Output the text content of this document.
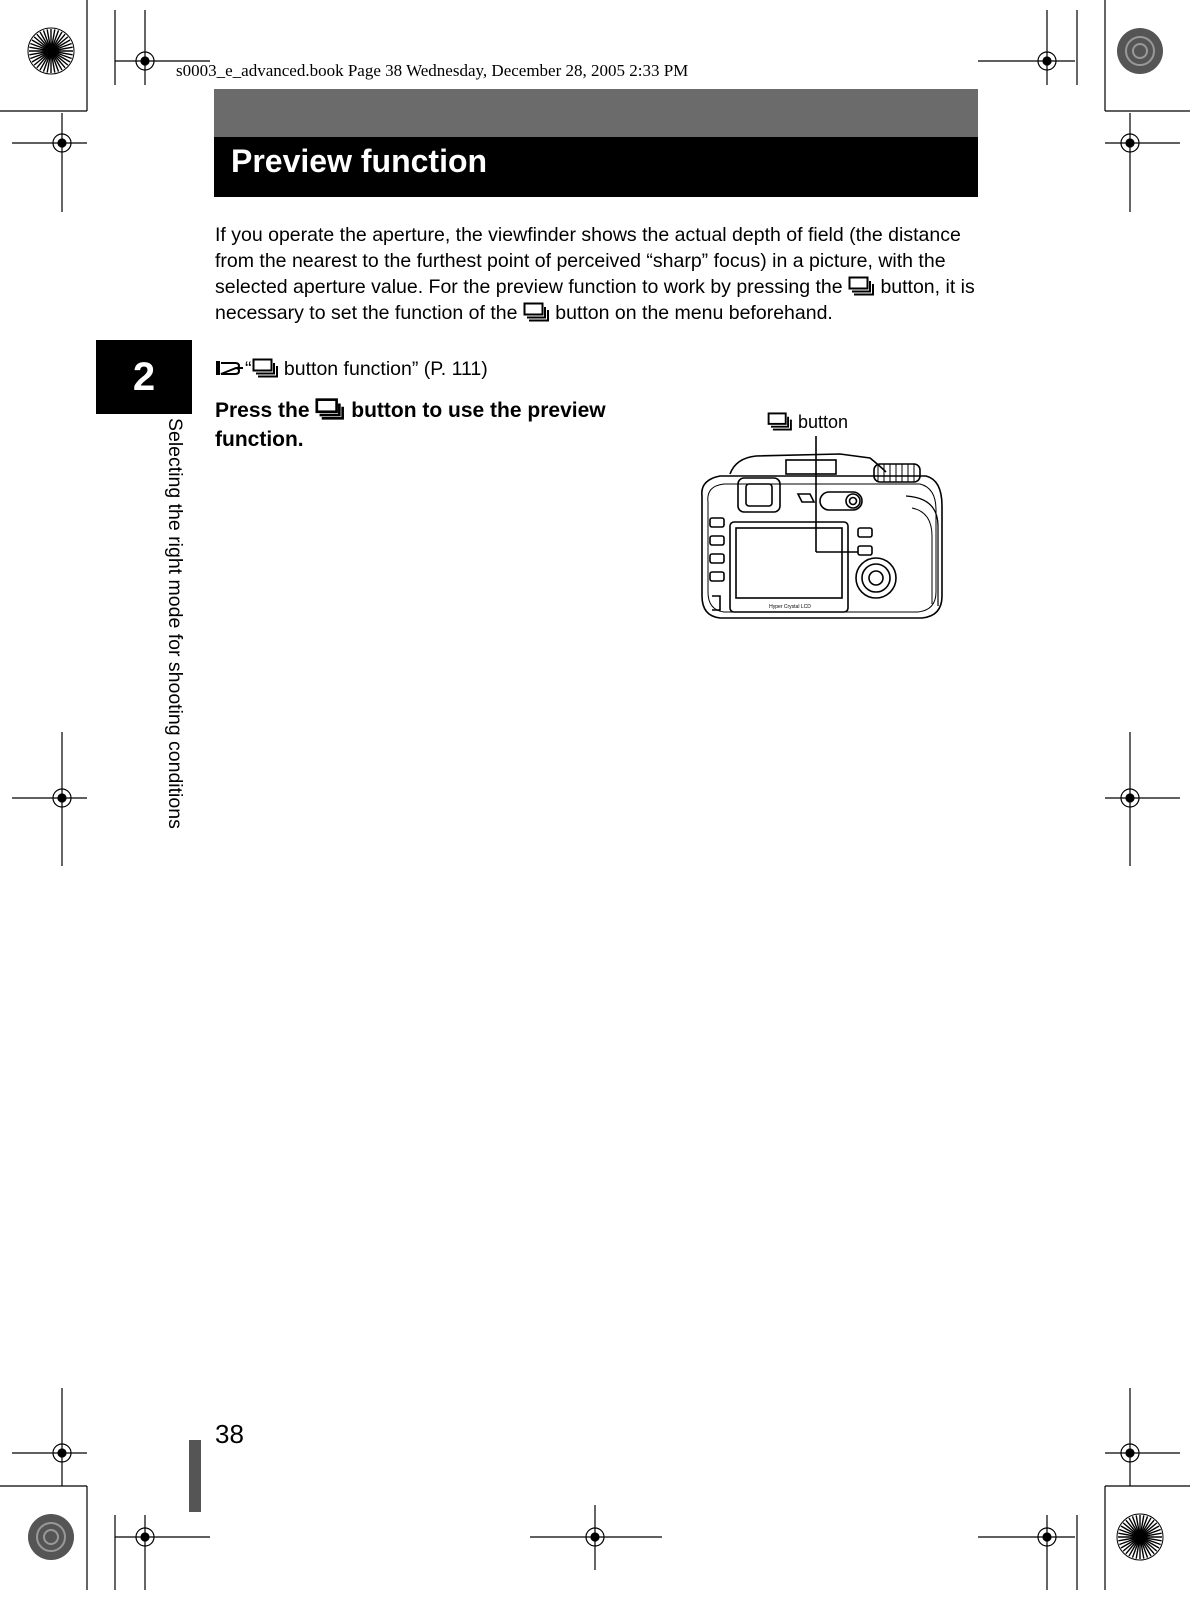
s0003_e_advanced.book Page 38 Wednesday, December 28, 2005 2:33 PM
Preview function

If you operate the aperture, the viewfinder shows the actual depth of field (the distance from the nearest to the furthest point of perceived “sharp” focus) in a picture, with the selected aperture value. For the preview function to work by pressing the button, it is necessary to set the function of the button on the menu beforehand.

“ button function” (P. 111)
Press the button to use the preview function.
2
Selecting the right mode for shooting conditions	button
Hyper Crystal LCD
38
